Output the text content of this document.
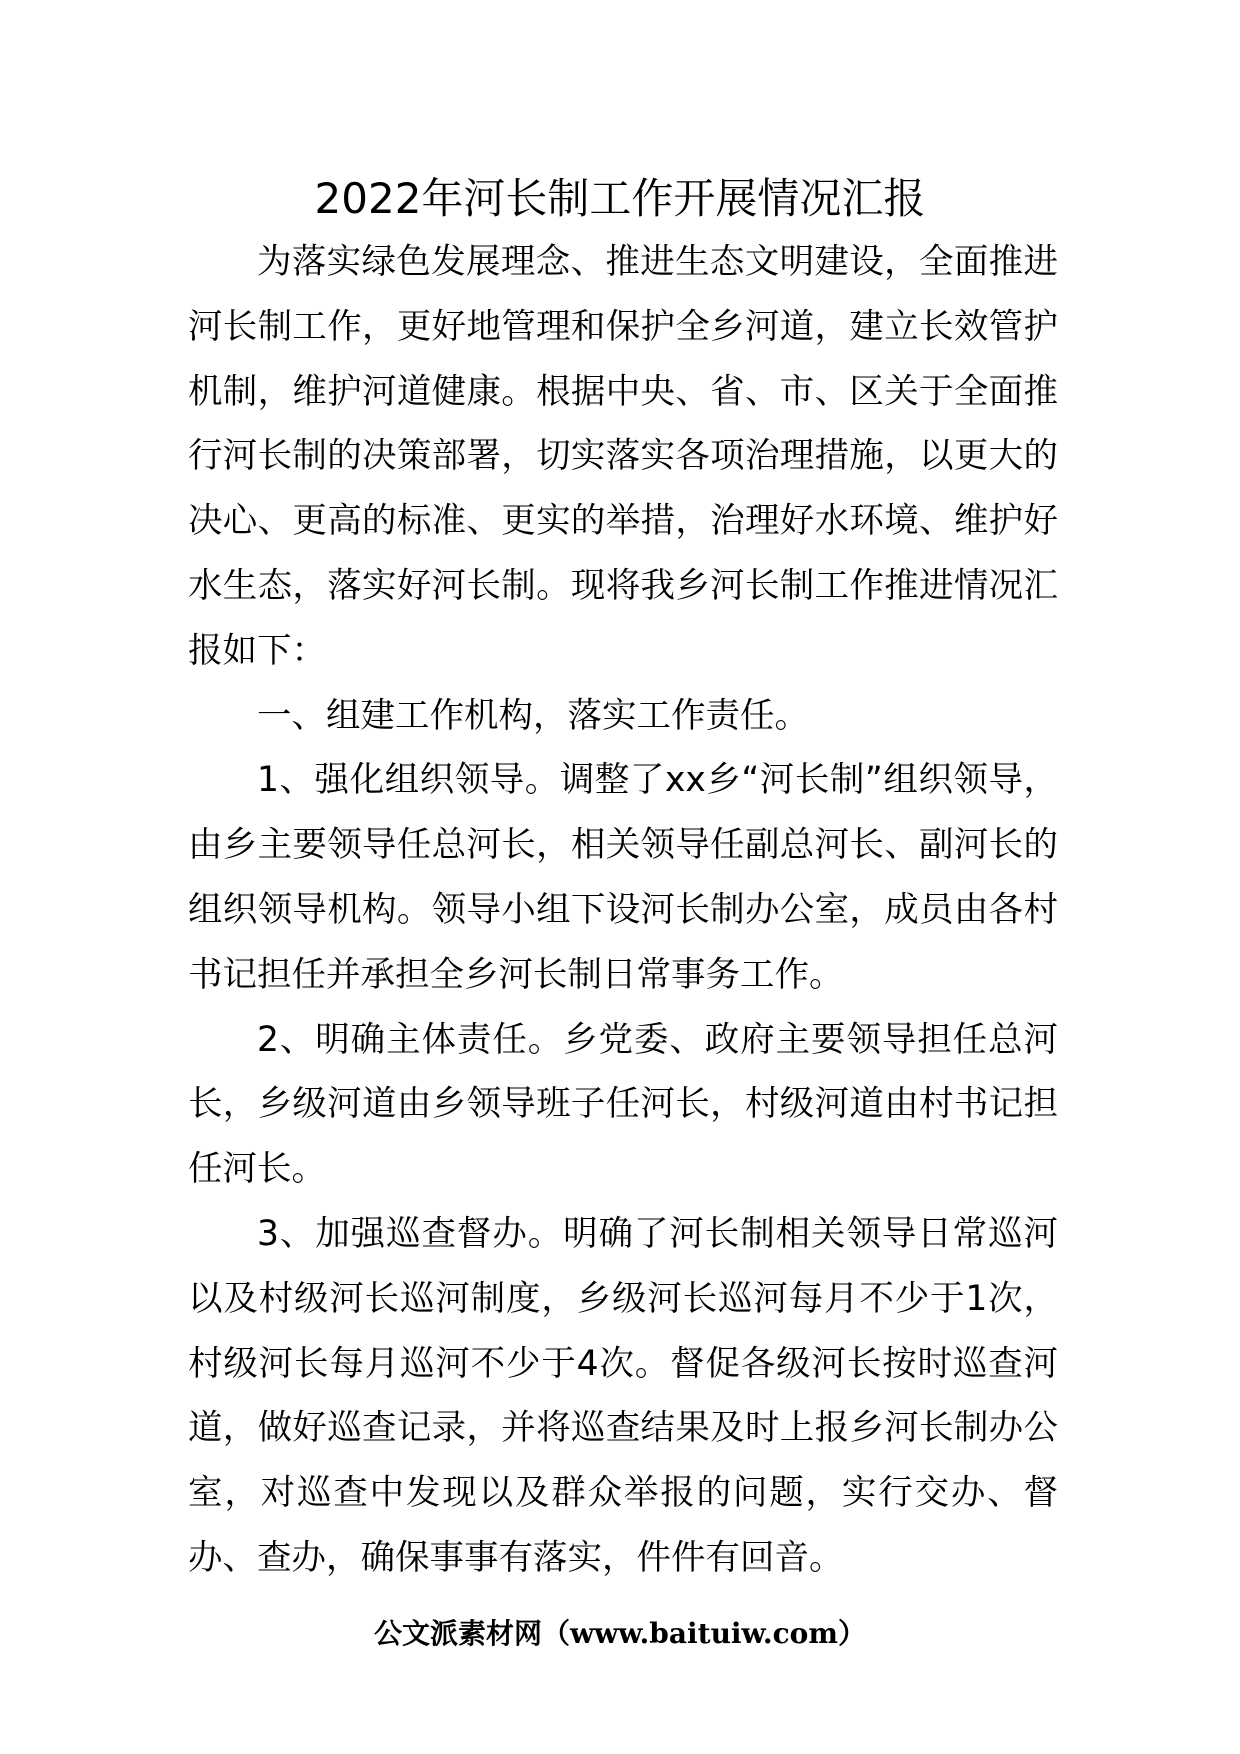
2022年河长制工作开展情况汇报

为落实绿色发展理念、推进生态文明建设，全面推进河长制工作，更好地管理和保护全乡河道，建立长效管护机制，维护河道健康。根据中央、省、市、区关于全面推行河长制的决策部署，切实落实各项治理措施，以更大的决心、更高的标准、更实的举措，治理好水环境、维护好水生态，落实好河长制。现将我乡河长制工作推进情况汇报如下：

一、组建工作机构，落实工作责任。

1、强化组织领导。调整了xx乡“河长制”组织领导，由乡主要领导任总河长，相关领导任副总河长、副河长的组织领导机构。领导小组下设河长制办公室，成员由各村书记担任并承担全乡河长制日常事务工作。

2、明确主体责任。乡党委、政府主要领导担任总河长，乡级河道由乡领导班子任河长，村级河道由村书记担任河长。

3、加强巡查督办。明确了河长制相关领导日常巡河以及村级河长巡河制度，乡级河长巡河每月不少于1次，村级河长每月巡河不少于4次。督促各级河长按时巡查河道，做好巡查记录，并将巡查结果及时上报乡河长制办公室，对巡查中发现以及群众举报的问题，实行交办、督办、查办，确保事事有落实，件件有回音。

公文派素材网（www.baituiw.com）
